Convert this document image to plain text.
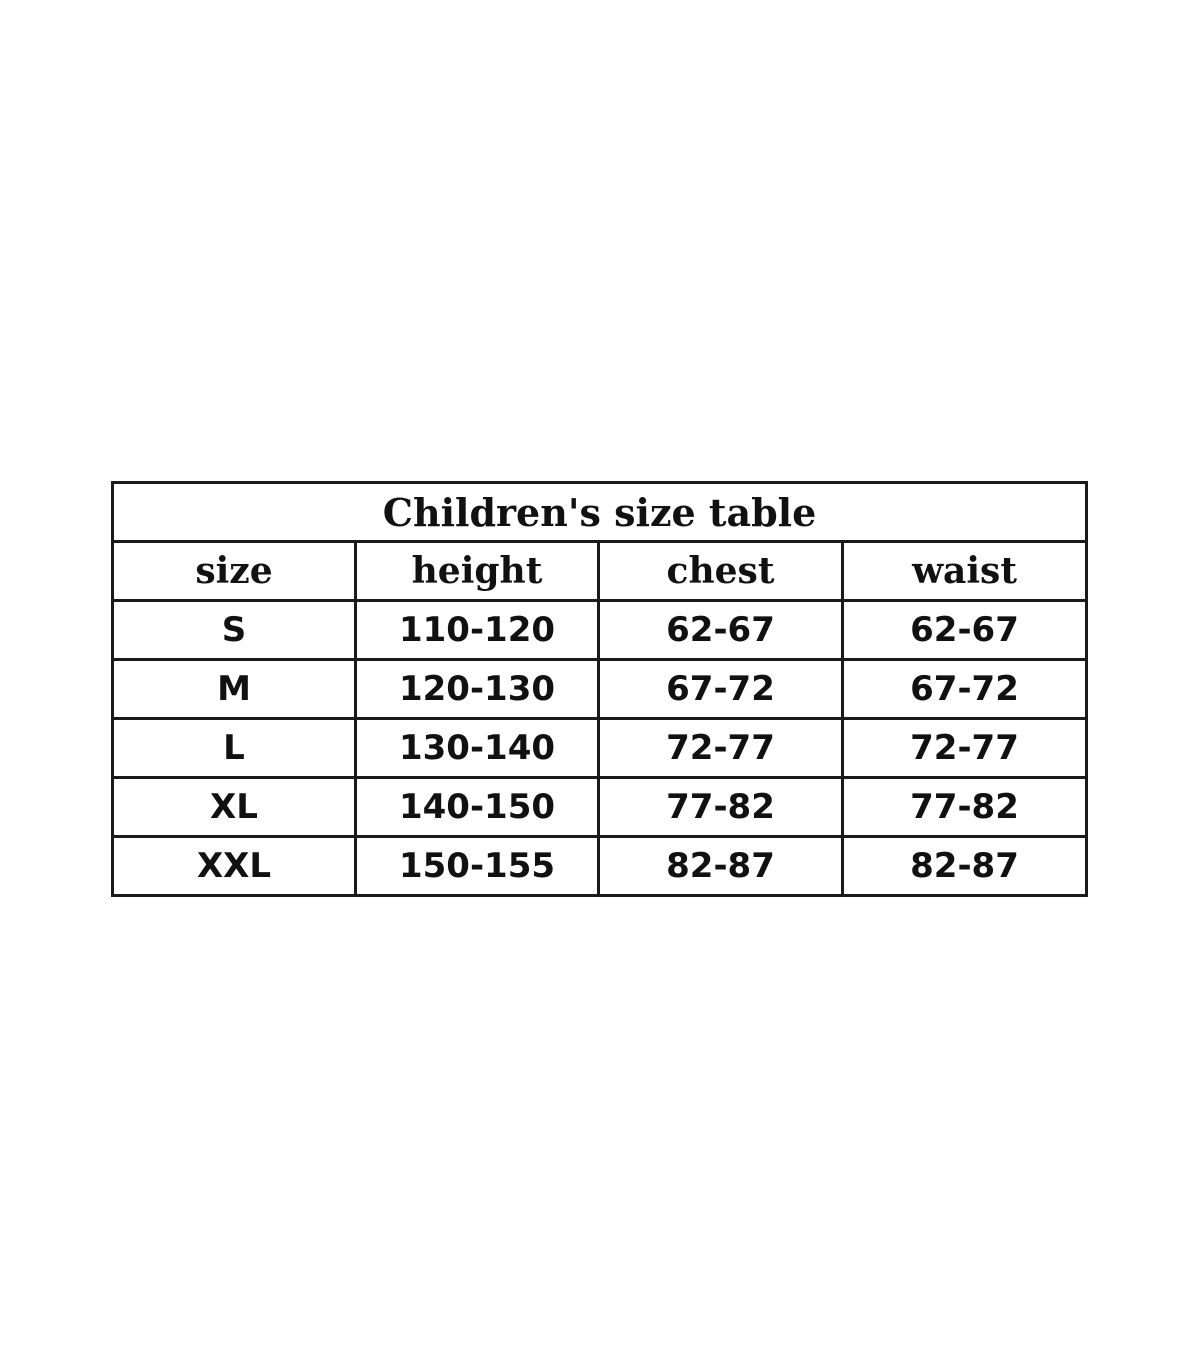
Children's size table			
size	height	chest	waist
S	110-120	62-67	62-67
M	120-130	67-72	67-72
L	130-140	72-77	72-77
XL	140-150	77-82	77-82
XXL	150-155	82-87	82-87
